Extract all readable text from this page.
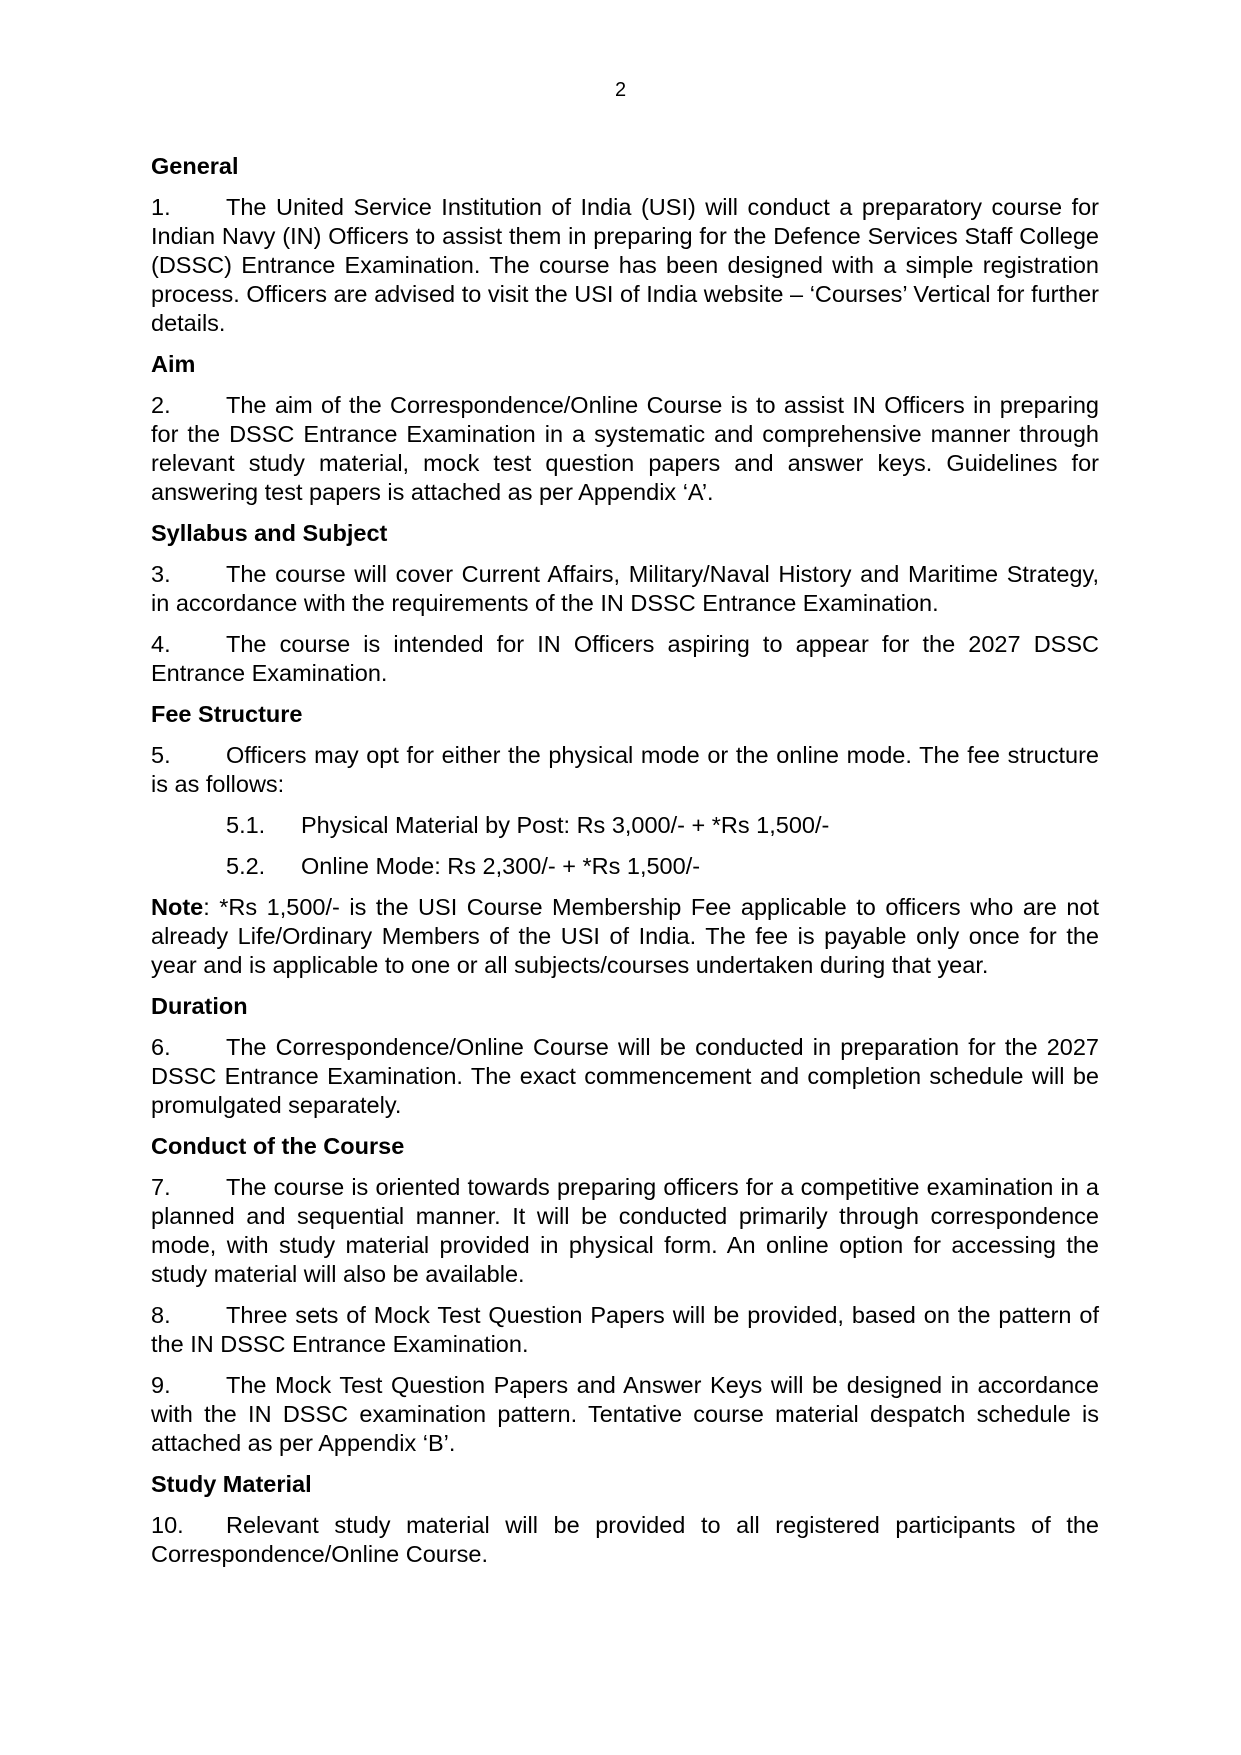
2
General

1. The United Service Institution of India (USI) will conduct a preparatory course for Indian Navy (IN) Officers to assist them in preparing for the Defence Services Staff College (DSSC) Entrance Examination. The course has been designed with a simple registration process. Officers are advised to visit the USI of India website – ‘Courses’ Vertical for further details.

Aim

2. The aim of the Correspondence/Online Course is to assist IN Officers in preparing for the DSSC Entrance Examination in a systematic and comprehensive manner through relevant study material, mock test question papers and answer keys. Guidelines for answering test papers is attached as per Appendix ‘A’.

Syllabus and Subject

3. The course will cover Current Affairs, Military/Naval History and Maritime Strategy, in accordance with the requirements of the IN DSSC Entrance Examination.

4. The course is intended for IN Officers aspiring to appear for the 2027 DSSC Entrance Examination.

Fee Structure

5. Officers may opt for either the physical mode or the online mode. The fee structure is as follows:

5.1. Physical Material by Post: Rs 3,000/- + *Rs 1,500/-
5.2. Online Mode: Rs 2,300/- + *Rs 1,500/-

Note: *Rs 1,500/- is the USI Course Membership Fee applicable to officers who are not already Life/Ordinary Members of the USI of India. The fee is payable only once for the year and is applicable to one or all subjects/courses undertaken during that year.

Duration

6. The Correspondence/Online Course will be conducted in preparation for the 2027 DSSC Entrance Examination. The exact commencement and completion schedule will be promulgated separately.

Conduct of the Course

7. The course is oriented towards preparing officers for a competitive examination in a planned and sequential manner. It will be conducted primarily through correspondence mode, with study material provided in physical form. An online option for accessing the study material will also be available.

8. Three sets of Mock Test Question Papers will be provided, based on the pattern of the IN DSSC Entrance Examination.

9. The Mock Test Question Papers and Answer Keys will be designed in accordance with the IN DSSC examination pattern. Tentative course material despatch schedule is attached as per Appendix ‘B’.

Study Material

10. Relevant study material will be provided to all registered participants of the Correspondence/Online Course.
